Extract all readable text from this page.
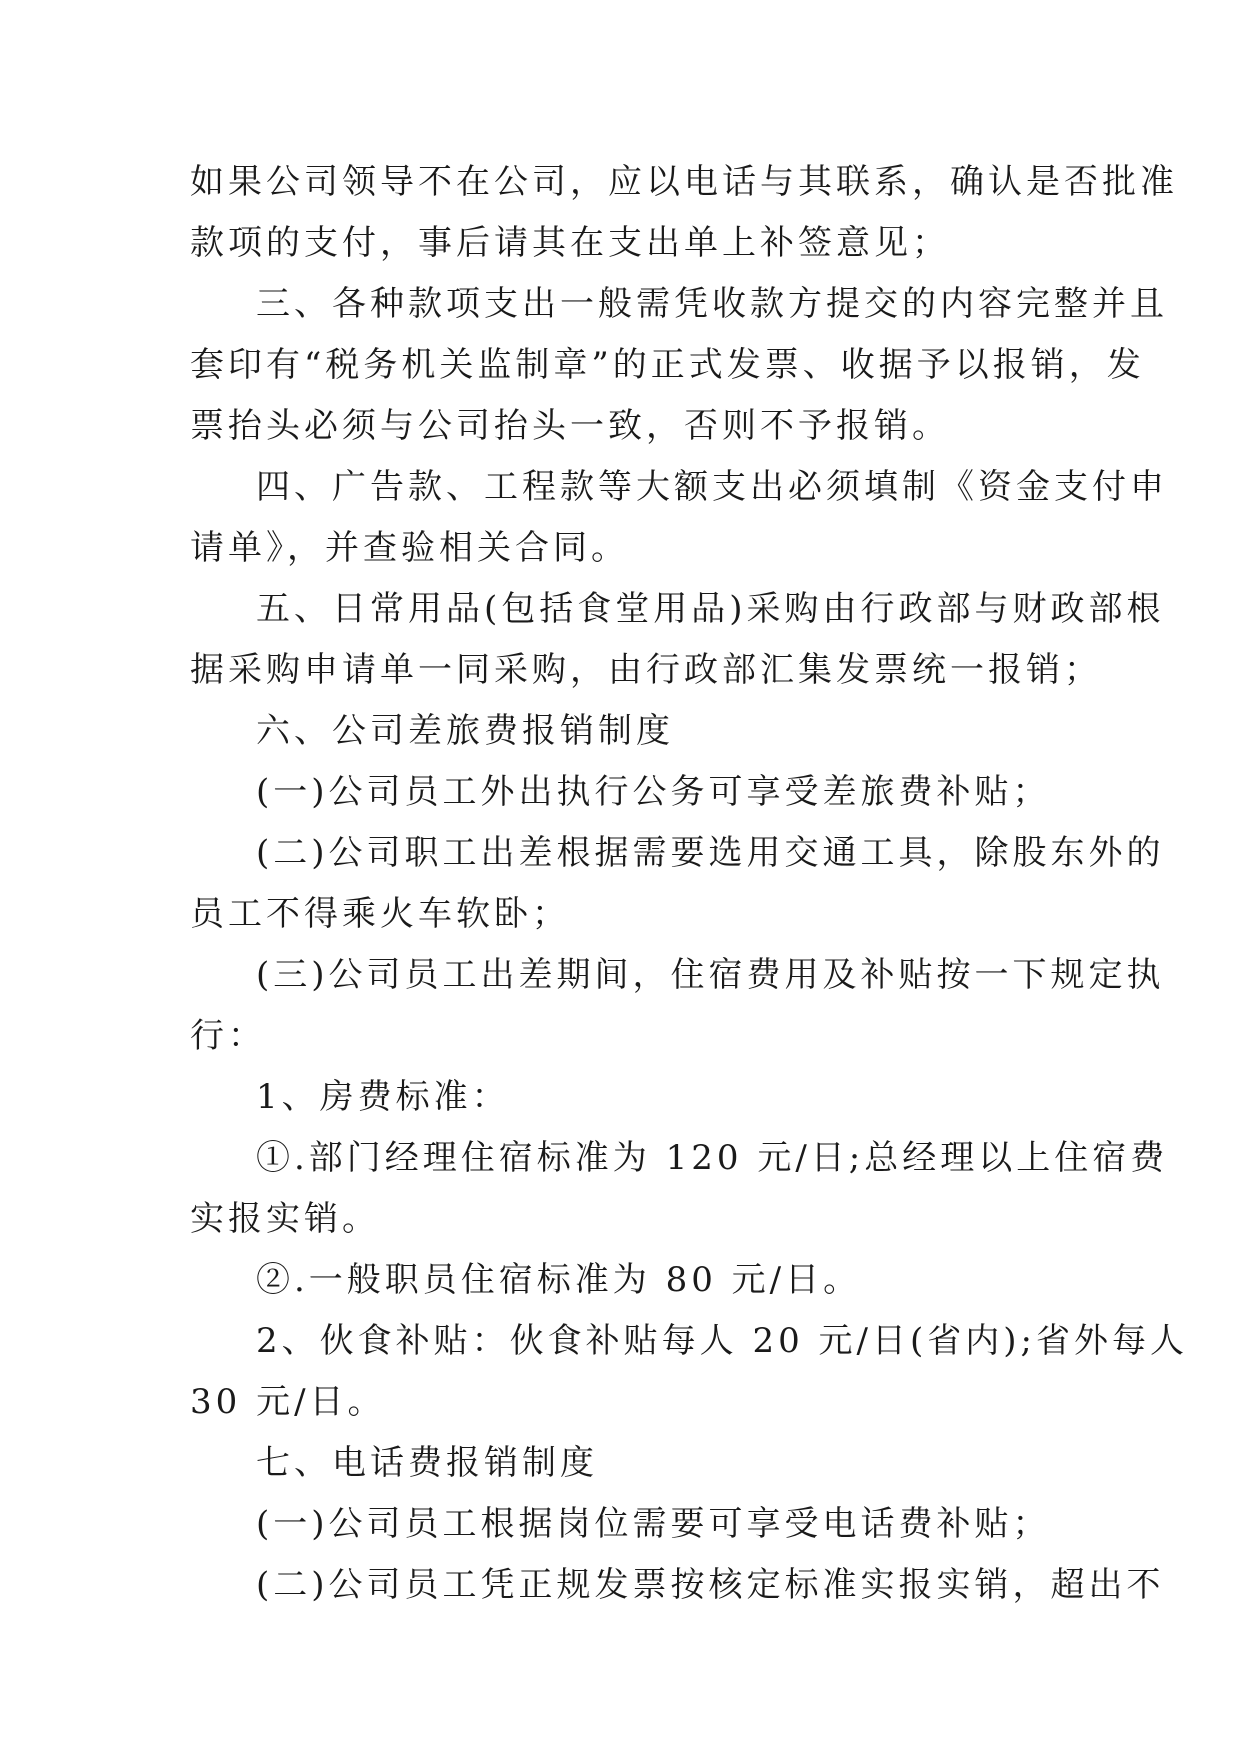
如果公司领导不在公司，应以电话与其联系，确认是否批准
款项的支付，事后请其在支出单上补签意见；
三、各种款项支出一般需凭收款方提交的内容完整并且
套印有“税务机关监制章”的正式发票、收据予以报销，发
票抬头必须与公司抬头一致，否则不予报销。
四、广告款、工程款等大额支出必须填制《资金支付申
请单》，并查验相关合同。
五、日常用品(包括食堂用品)采购由行政部与财政部根
据采购申请单一同采购，由行政部汇集发票统一报销；
六、公司差旅费报销制度
(一)公司员工外出执行公务可享受差旅费补贴；
(二)公司职工出差根据需要选用交通工具，除股东外的
员工不得乘火车软卧；
(三)公司员工出差期间，住宿费用及补贴按一下规定执
行：
1、房费标准：
①.部门经理住宿标准为 120 元/日;总经理以上住宿费
实报实销。
②.一般职员住宿标准为 80 元/日。
2、伙食补贴：伙食补贴每人 20 元/日(省内);省外每人
30 元/日。
七、电话费报销制度
(一)公司员工根据岗位需要可享受电话费补贴；
(二)公司员工凭正规发票按核定标准实报实销，超出不
